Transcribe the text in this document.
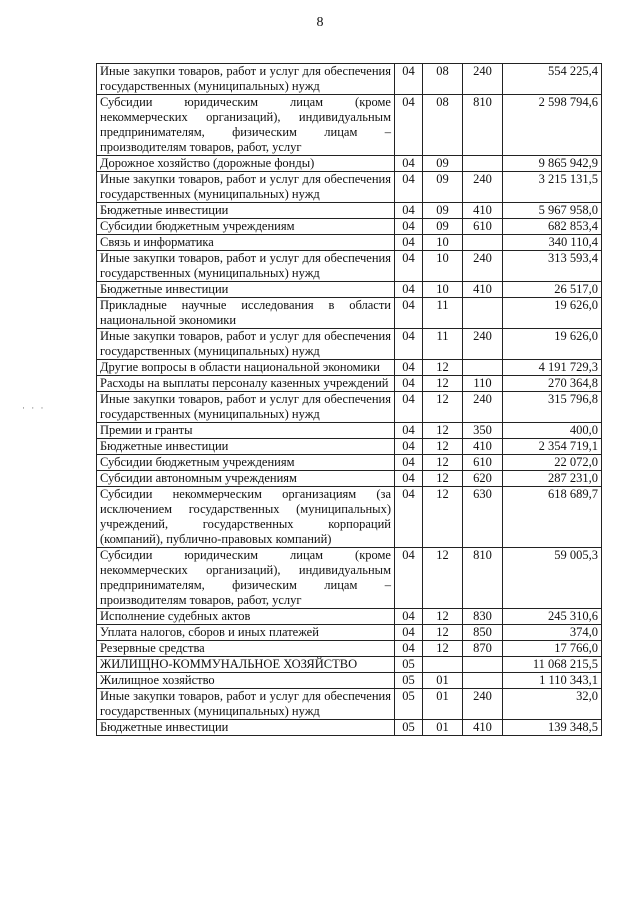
8
· · ·
Иные закупки товаров, работ и услуг для обеспечения государственных (муниципальных) нужд	04	08	240	554 225,4
Субсидии юридическим лицам (кроме некоммерческих организаций), индивидуальным предпринимателям, физическим лицам – производителям товаров, работ, услуг	04	08	810	2 598 794,6
Дорожное хозяйство (дорожные фонды)	04	09		9 865 942,9
Иные закупки товаров, работ и услуг для обеспечения государственных (муниципальных) нужд	04	09	240	3 215 131,5
Бюджетные инвестиции	04	09	410	5 967 958,0
Субсидии бюджетным учреждениям	04	09	610	682 853,4
Связь и информатика	04	10		340 110,4
Иные закупки товаров, работ и услуг для обеспечения государственных (муниципальных) нужд	04	10	240	313 593,4
Бюджетные инвестиции	04	10	410	26 517,0
Прикладные научные исследования в области национальной экономики	04	11		19 626,0
Иные закупки товаров, работ и услуг для обеспечения государственных (муниципальных) нужд	04	11	240	19 626,0
Другие вопросы в области национальной экономики	04	12		4 191 729,3
Расходы на выплаты персоналу казенных учреждений	04	12	110	270 364,8
Иные закупки товаров, работ и услуг для обеспечения государственных (муниципальных) нужд	04	12	240	315 796,8
Премии и гранты	04	12	350	400,0
Бюджетные инвестиции	04	12	410	2 354 719,1
Субсидии бюджетным учреждениям	04	12	610	22 072,0
Субсидии автономным учреждениям	04	12	620	287 231,0
Субсидии некоммерческим организациям (за исключением государственных (муниципальных) учреждений, государственных корпораций (компаний), публично-правовых компаний)	04	12	630	618 689,7
Субсидии юридическим лицам (кроме некоммерческих организаций), индивидуальным предпринимателям, физическим лицам – производителям товаров, работ, услуг	04	12	810	59 005,3
Исполнение судебных актов	04	12	830	245 310,6
Уплата налогов, сборов и иных платежей	04	12	850	374,0
Резервные средства	04	12	870	17 766,0
ЖИЛИЩНО-КОММУНАЛЬНОЕ ХОЗЯЙСТВО	05			11 068 215,5
Жилищное хозяйство	05	01		1 110 343,1
Иные закупки товаров, работ и услуг для обеспечения государственных (муниципальных) нужд	05	01	240	32,0
Бюджетные инвестиции	05	01	410	139 348,5
